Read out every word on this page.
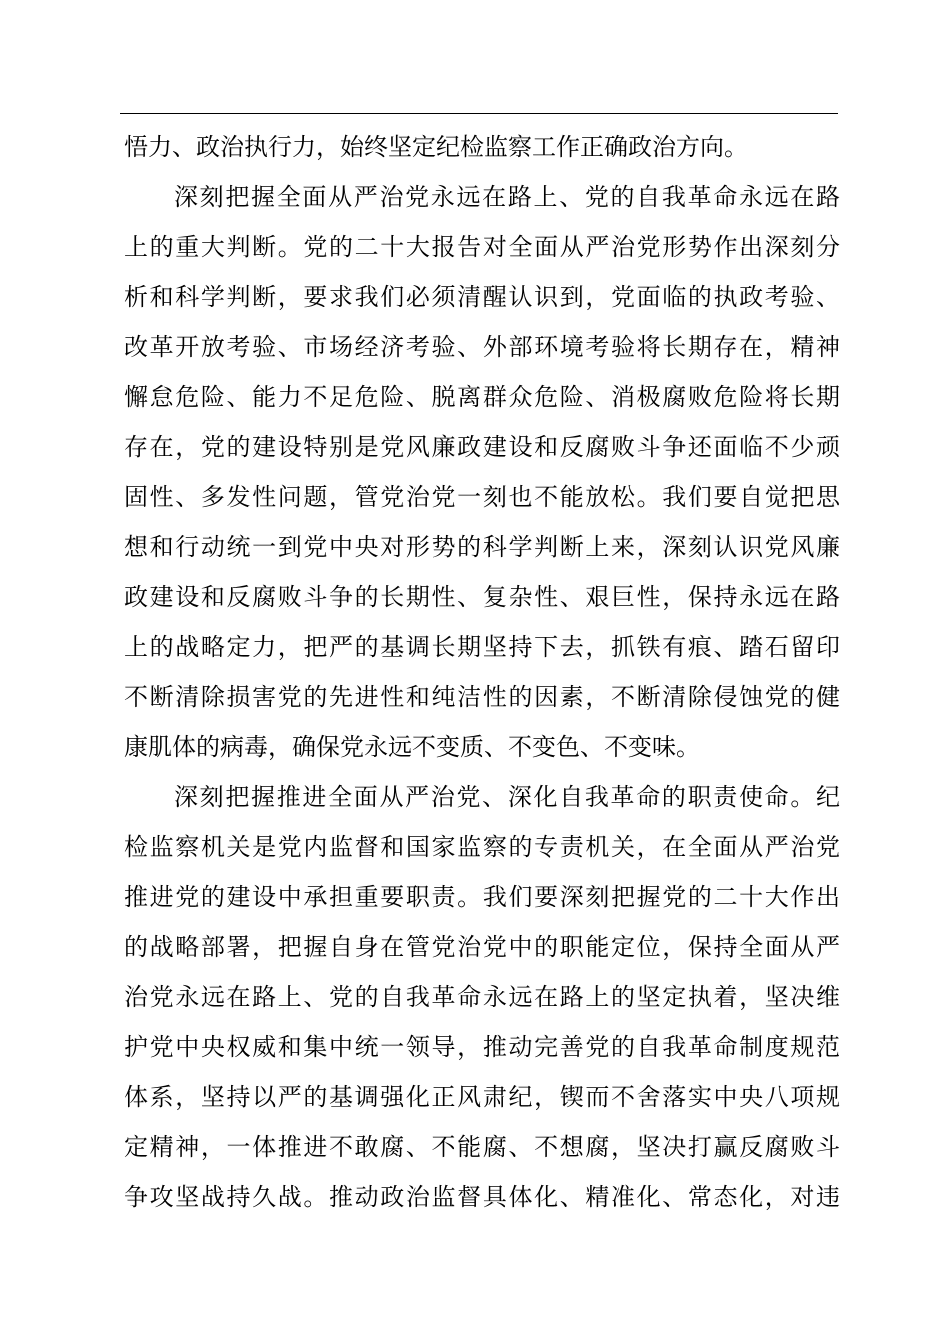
悟力、政治执行力，始终坚定纪检监察工作正确政治方向。
深刻把握全面从严治党永远在路上、党的自我革命永远在路
上的重大判断。党的二十大报告对全面从严治党形势作出深刻分
析和科学判断，要求我们必须清醒认识到，党面临的执政考验、
改革开放考验、市场经济考验、外部环境考验将长期存在，精神
懈怠危险、能力不足危险、脱离群众危险、消极腐败危险将长期
存在，党的建设特别是党风廉政建设和反腐败斗争还面临不少顽
固性、多发性问题，管党治党一刻也不能放松。我们要自觉把思
想和行动统一到党中央对形势的科学判断上来，深刻认识党风廉
政建设和反腐败斗争的长期性、复杂性、艰巨性，保持永远在路
上的战略定力，把严的基调长期坚持下去，抓铁有痕、踏石留印
不断清除损害党的先进性和纯洁性的因素，不断清除侵蚀党的健
康肌体的病毒，确保党永远不变质、不变色、不变味。
深刻把握推进全面从严治党、深化自我革命的职责使命。纪
检监察机关是党内监督和国家监察的专责机关，在全面从严治党
推进党的建设中承担重要职责。我们要深刻把握党的二十大作出
的战略部署，把握自身在管党治党中的职能定位，保持全面从严
治党永远在路上、党的自我革命永远在路上的坚定执着，坚决维
护党中央权威和集中统一领导，推动完善党的自我革命制度规范
体系，坚持以严的基调强化正风肃纪，锲而不舍落实中央八项规
定精神，一体推进不敢腐、不能腐、不想腐，坚决打赢反腐败斗
争攻坚战持久战。推动政治监督具体化、精准化、常态化，对违
